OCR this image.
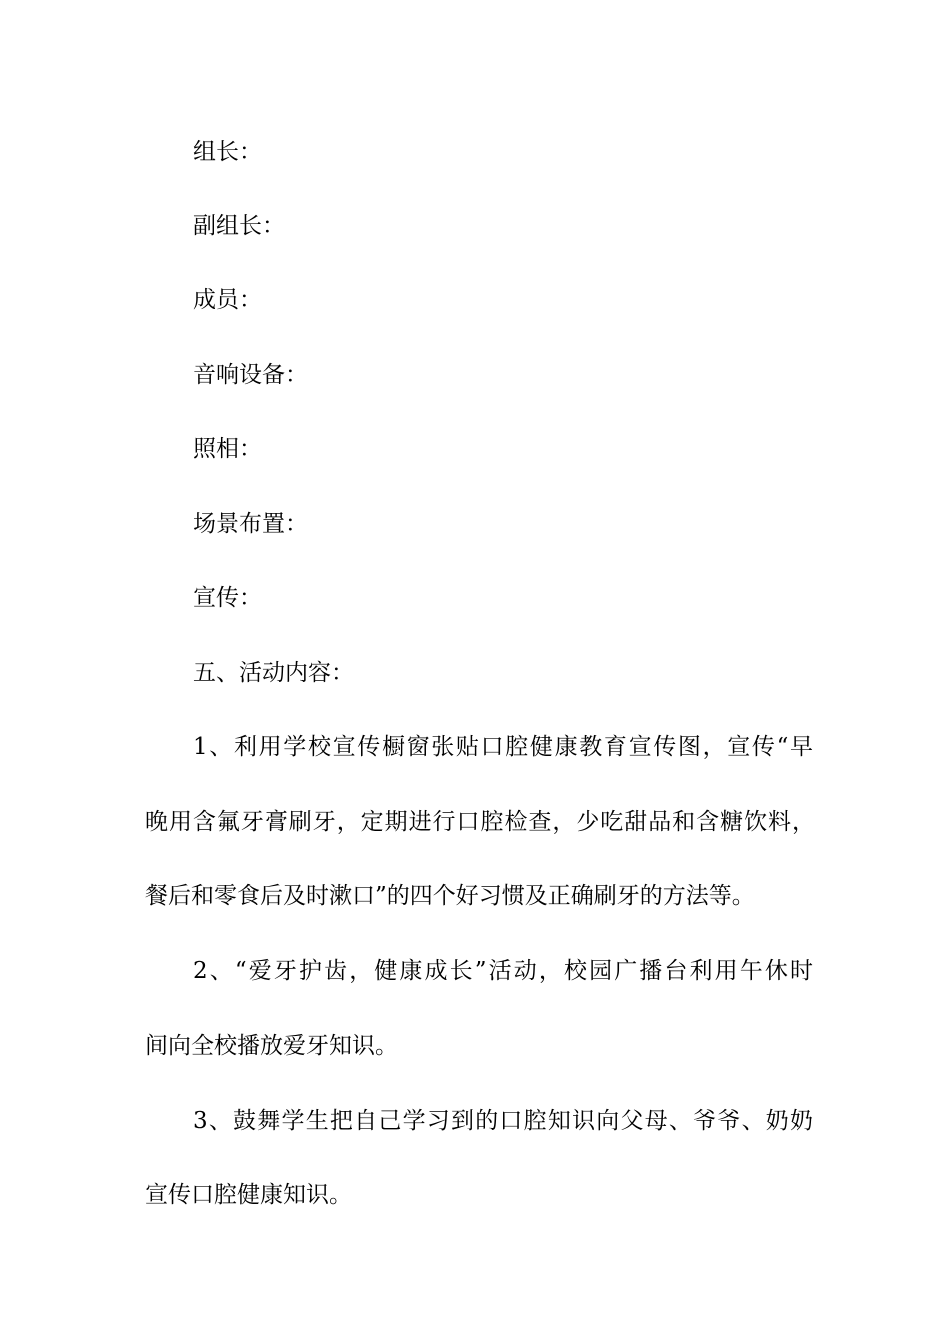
组长：
副组长：
成员：
音响设备：
照相：
场景布置：
宣传：
五、活动内容：
1、利用学校宣传橱窗张贴口腔健康教育宣传图，宣传“早
晚用含氟牙膏刷牙，定期进行口腔检查，少吃甜品和含糖饮料，
餐后和零食后及时漱口”的四个好习惯及正确刷牙的方法等。
2、“爱牙护齿，健康成长”活动，校园广播台利用午休时
间向全校播放爱牙知识。
3、鼓舞学生把自己学习到的口腔知识向父母、爷爷、奶奶
宣传口腔健康知识。
